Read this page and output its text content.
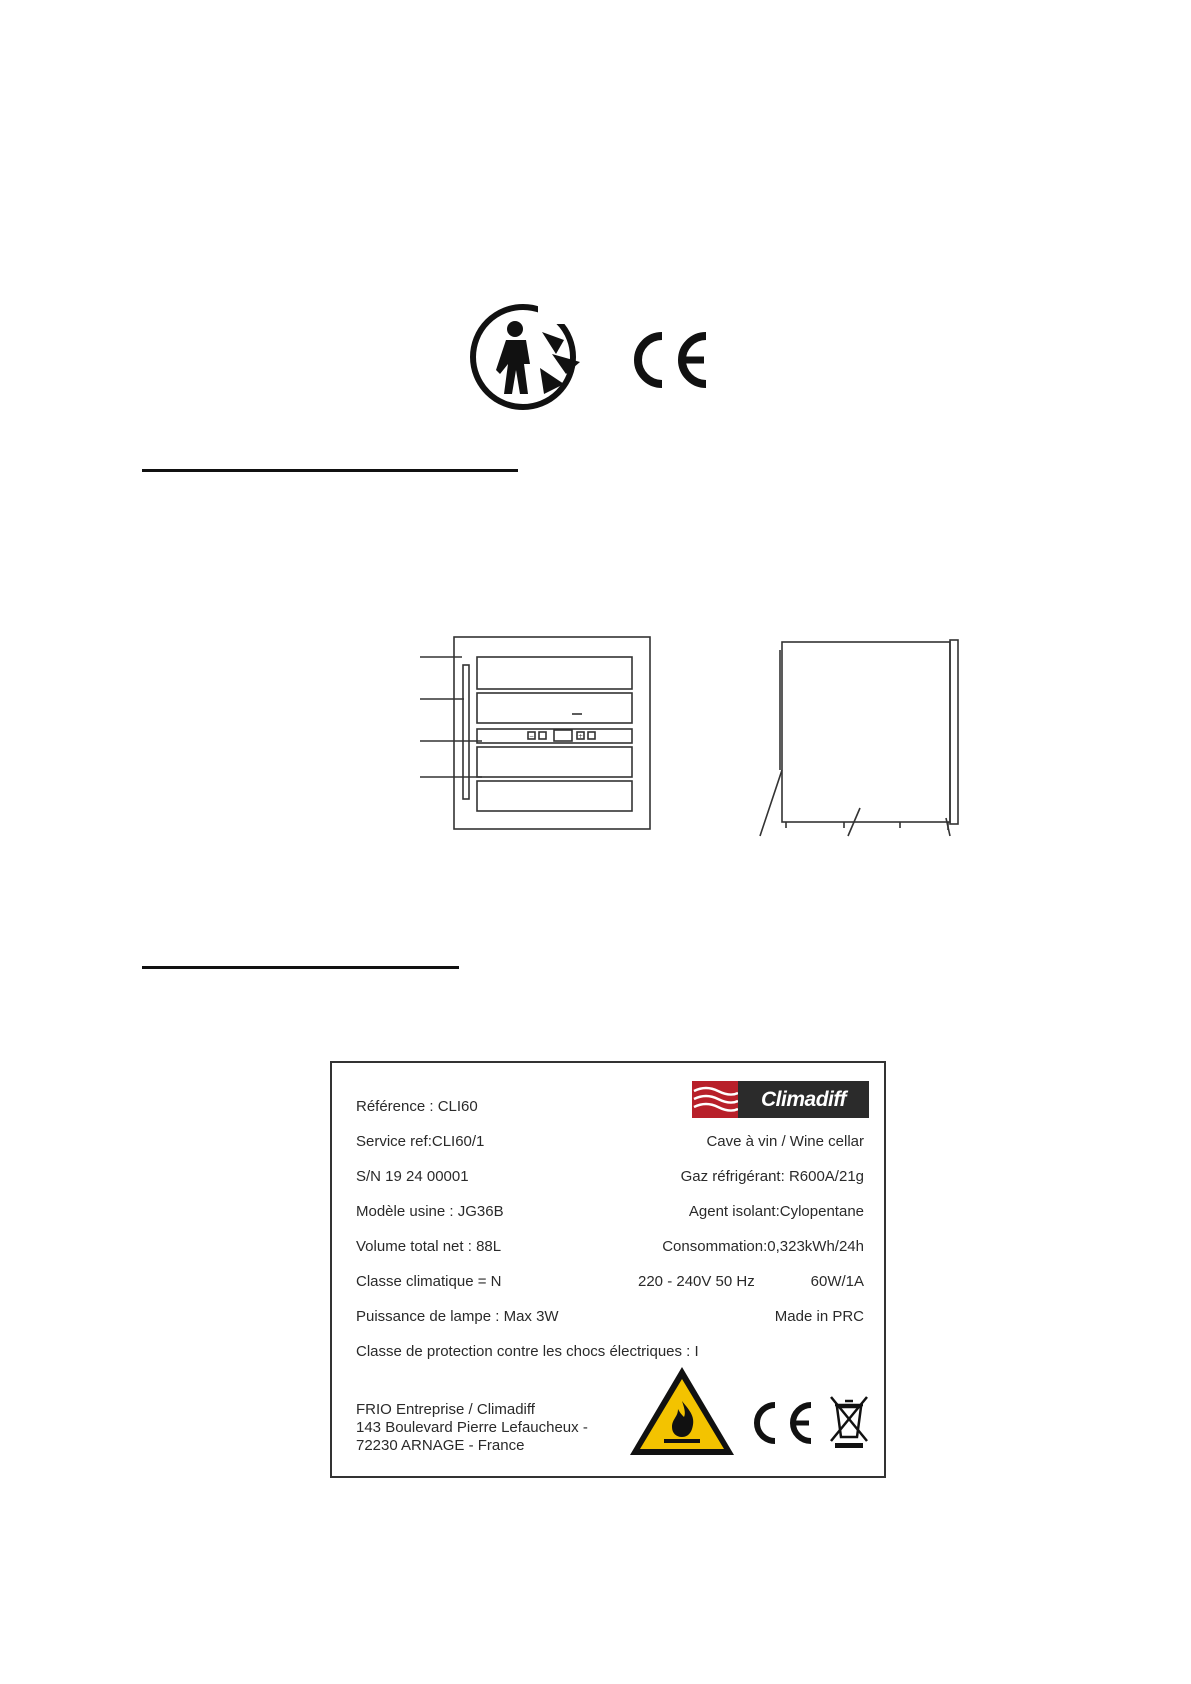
−	+
Référence : CLI60
Service ref:CLI60/1
S/N 19 24 00001
Modèle usine : JG36B
Volume total net : 88L
Classe climatique = N
Puissance de lampe : Max 3W
Climadiff
Cave à vin / Wine cellar
Gaz réfrigérant: R600A/21g
Agent isolant:Cylopentane
Consommation:0,323kWh/24h
220 - 240V 50 Hz	60W/1A
Made in PRC
Classe de protection contre les chocs électriques : I
FRIO Entreprise / Climadiff
143 Boulevard Pierre Lefaucheux -
72230 ARNAGE - France
